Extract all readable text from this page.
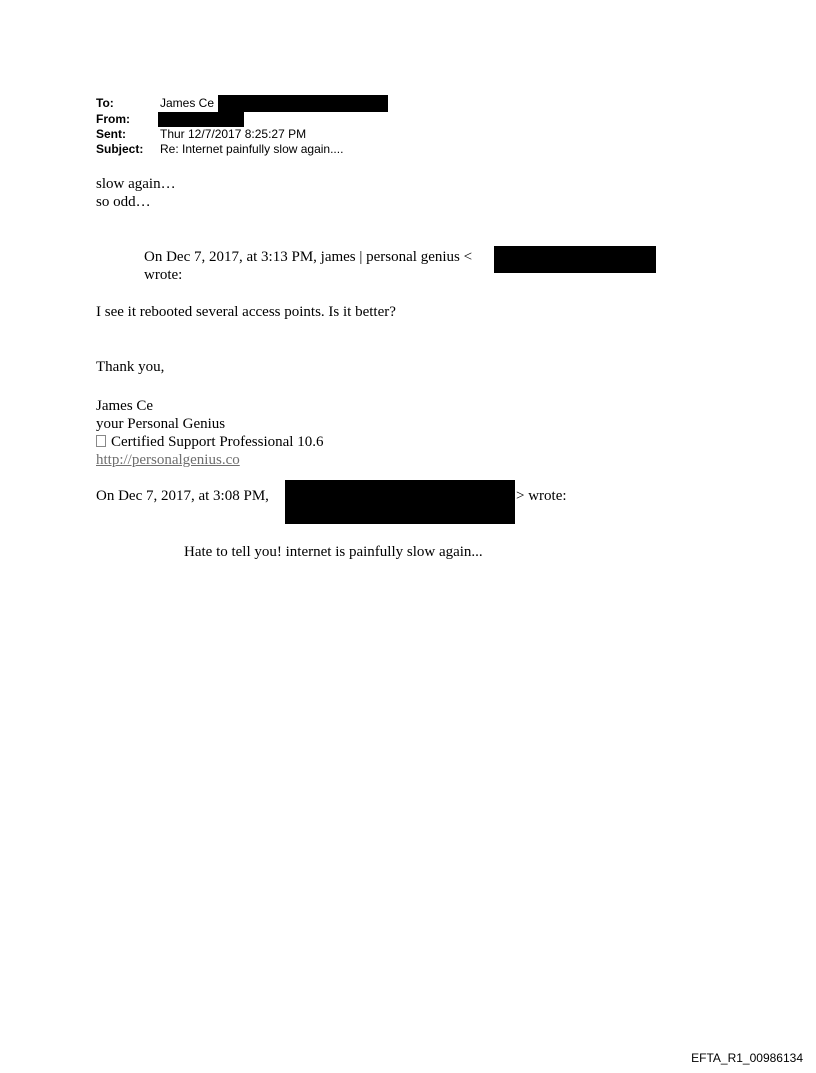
To:	James Ce
From:
Sent:	Thur 12/7/2017 8:25:27 PM
Subject: Re: Internet painfully slow again....
slow again…
so odd…
On Dec 7, 2017, at 3:13 PM, james | personal genius <
wrote:
I see it rebooted several access points. Is it better?
Thank you,
James Ce
your Personal Genius
Certified Support Professional 10.6
http://personalgenius.co
On Dec 7, 2017, at 3:08 PM,	> wrote:
Hate to tell you! internet is painfully slow again...
EFTA_R1_00986134
